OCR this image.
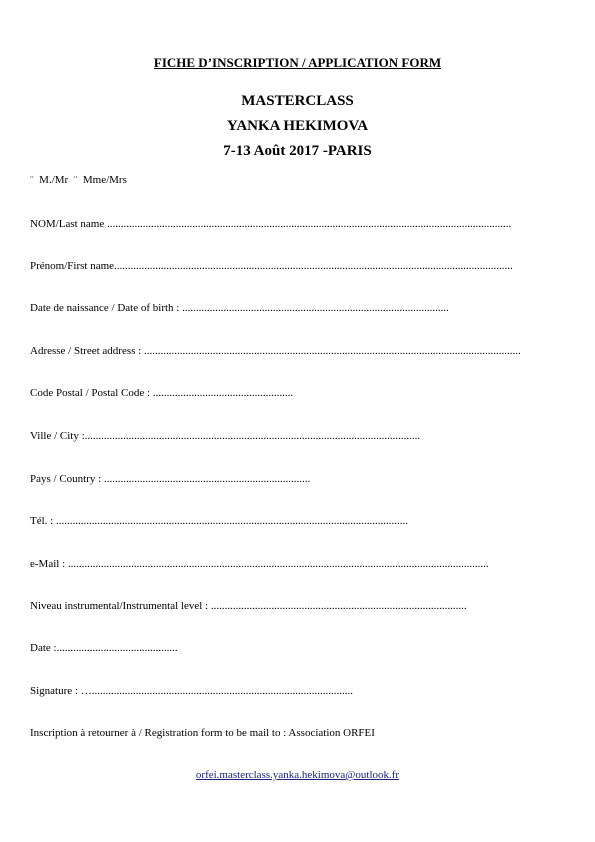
FICHE D’INSCRIPTION / APPLICATION FORM
MASTERCLASS
YANKA HEKIMOVA
7-13 Août 2017 -PARIS
¨  M./Mr  ¨  Mme/Mrs
NOM/Last name ...................................................................................................................................................
Prénom/First name.................................................................................................................................................
Date de naissance / Date of birth : .................................................................................................
Adresse / Street address : .........................................................................................................................................
Code Postal / Postal Code : ...................................................
Ville / City :..........................................................................................................................
Pays / Country : ...........................................................................
Tél. : ................................................................................................................................
e-Mail : .........................................................................................................................................................
Niveau instrumental/Instrumental level : .............................................................................................
Date :............................................
Signature : …...............................................................................................
Inscription à retourner à / Registration form to be mail to : Association ORFEI
orfei.masterclass.yanka.hekimova@outlook.fr
